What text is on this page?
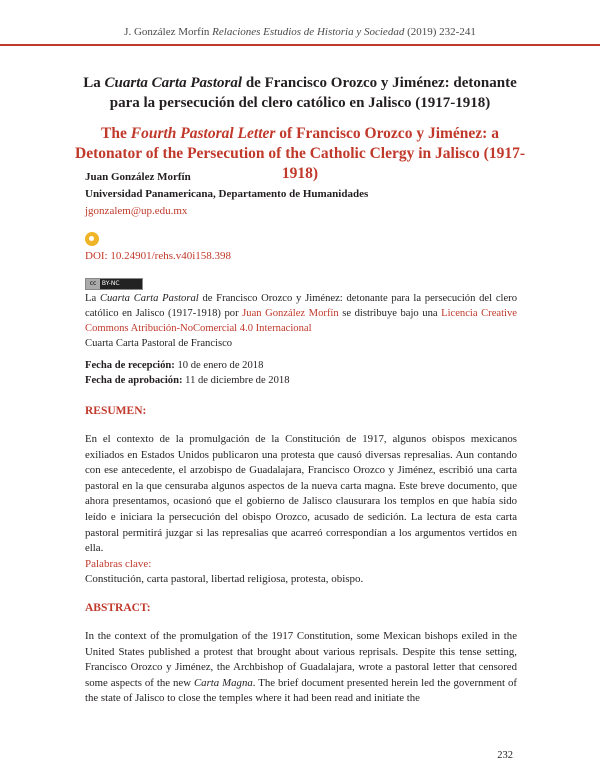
J. González Morfín Relaciones Estudios de Historia y Sociedad (2019) 232-241
La Cuarta Carta Pastoral de Francisco Orozco y Jiménez: detonante para la persecución del clero católico en Jalisco (1917-1918)
The Fourth Pastoral Letter of Francisco Orozco y Jiménez: a Detonator of the Persecution of the Catholic Clergy in Jalisco (1917-1918)
Juan González Morfín
Universidad Panamericana, Departamento de Humanidades
jgonzalem@up.edu.mx
DOI: 10.24901/rehs.v40i158.398
cc BY-NC
La Cuarta Carta Pastoral de Francisco Orozco y Jiménez: detonante para la persecución del clero católico en Jalisco (1917-1918) por Juan González Morfín se distribuye bajo una Licencia Creative Commons Atribución-NoComercial 4.0 Internacional
Cuarta Carta Pastoral de Francisco
Fecha de recepción: 10 de enero de 2018
Fecha de aprobación: 11 de diciembre de 2018
RESUMEN:
En el contexto de la promulgación de la Constitución de 1917, algunos obispos mexicanos exiliados en Estados Unidos publicaron una protesta que causó diversas represalias. Aun contando con ese antecedente, el arzobispo de Guadalajara, Francisco Orozco y Jiménez, escribió una carta pastoral en la que censuraba algunos aspectos de la nueva carta magna. Este breve documento, que ahora presentamos, ocasionó que el gobierno de Jalisco clausurara los templos en que había sido leído e iniciara la persecución del obispo Orozco, acusado de sedición. La lectura de esta carta pastoral permitirá juzgar si las represalias que acarreó correspondían a los argumentos vertidos en ella.
Palabras clave:
Constitución, carta pastoral, libertad religiosa, protesta, obispo.
ABSTRACT:
In the context of the promulgation of the 1917 Constitution, some Mexican bishops exiled in the United States published a protest that brought about various reprisals. Despite this tense setting, Francisco Orozco y Jiménez, the Archbishop of Guadalajara, wrote a pastoral letter that censored some aspects of the new Carta Magna. The brief document presented herein led the government of the state of Jalisco to close the temples where it had been read and initiate the
232
